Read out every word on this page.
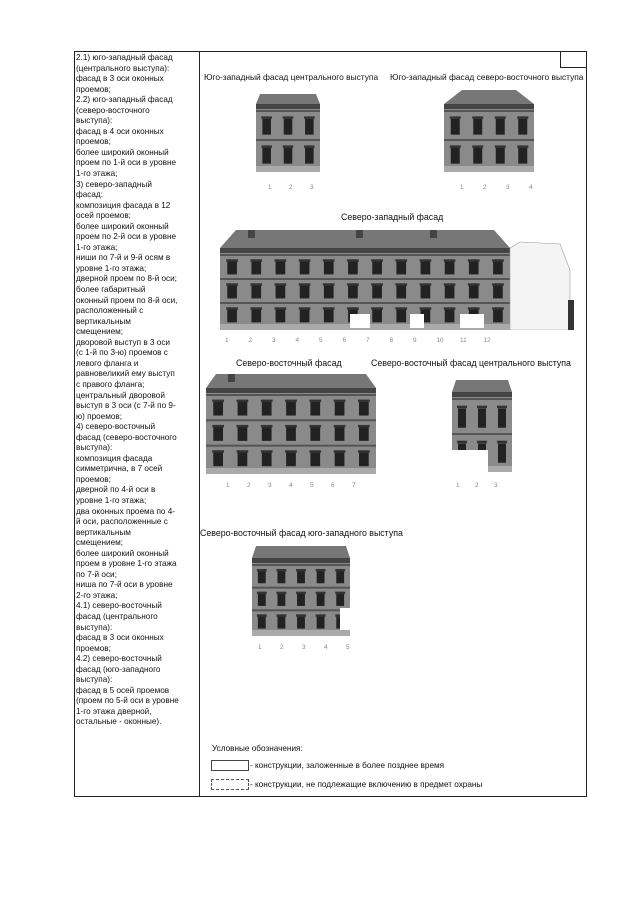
2.1) юго-западный фасад
(центрального выступа):
фасад в 3 оси оконных
проемов;
2.2) юго-западный фасад
(северо-восточного
выступа):
фасад в 4 оси оконных
проемов;
более широкий оконный
проем по 1-й оси в уровне
1-го этажа;
3) северо-западный
фасад:
композиция фасада в 12
осей проемов;
более широкий оконный
проем по 2-й оси в уровне
1-го этажа;
ниши по 7-й и 9-й осям в
уровне 1-го этажа;
дверной проем по 8-й оси;
более габаритный
оконный проем по 8-й оси,
расположенный с
вертикальным
смещением;
дворовой выступ в 3 оси
(с 1-й по 3-ю) проемов с
левого фланга и
равновеликий ему выступ
с правого фланга;
центральный дворовой
выступ в 3 оси (с 7-й по 9-
ю) проемов;
4) северо-восточный
фасад (северо-восточного
выступа):
композиция фасада
симметрична, в 7 осей
проемов;
дверной по 4-й оси в
уровне 1-го этажа;
два оконных проема по 4-
й оси, расположенные с
вертикальным
смещением;
более широкий оконный
проем в уровне 1-го этажа
по 7-й оси;
ниша по 7-й оси в уровне
2-го этажа;
4.1) северо-восточный
фасад (центрального
выступа):
фасад в 3 оси оконных
проемов;
4.2) северо-восточный
фасад (юго-западного
выступа):
фасад в 5 осей проемов
(проем по 5-й оси в уровне
1-го этажа дверной,
остальные - оконные).
Юго-западный фасад центрального выступа Юго-западный фасад северо-восточного выступа
Северо-западный фасад
Северо-восточный фасад	Северо-восточный фасад центрального выступа
Северо-восточный фасад юго-западного выступа
1	2	3	1	2	3	4
1	2	3	4	5	6	7	8	9	10	11	12
1	2	3	4	5	6	7	1 2 3
1	2	3	4	5
Условные обозначения:
- конструкции, заложенные в более позднее время
- конструкции, не подлежащие включению в предмет охраны
